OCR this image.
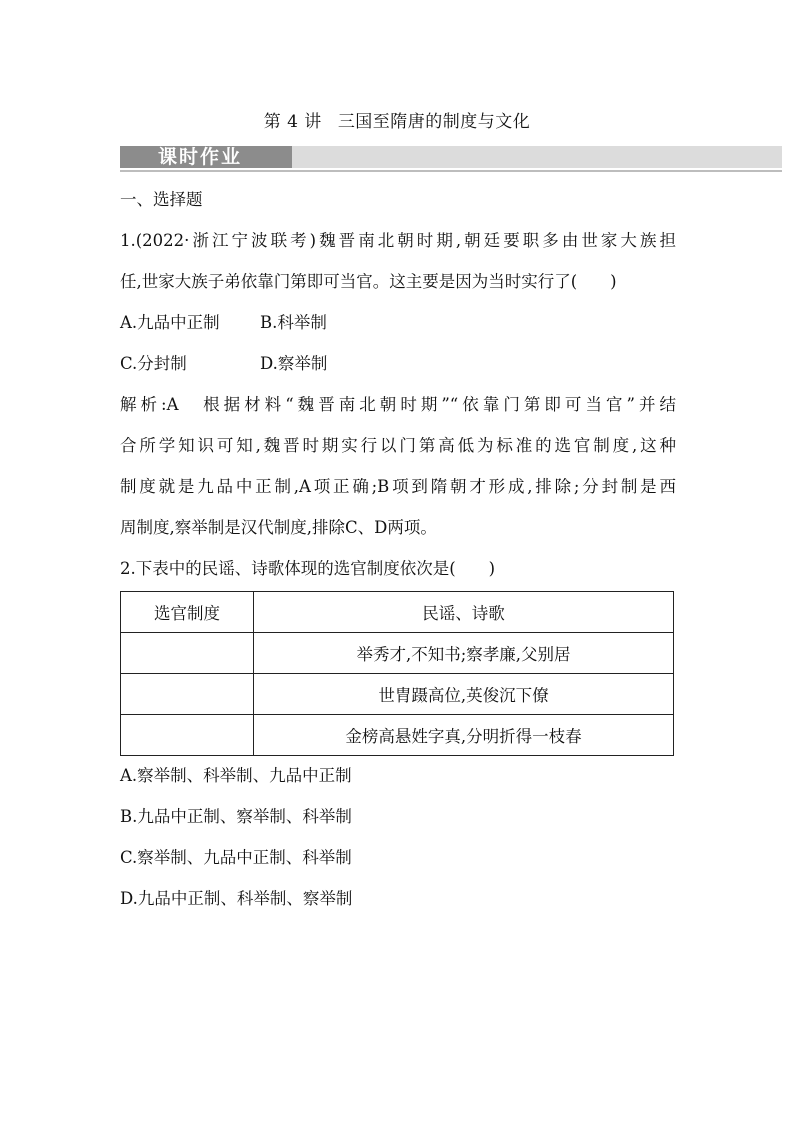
第 4 讲 三国至隋唐的制度与文化
课时作业
一、选择题
1.(2022·浙江宁波联考)魏晋南北朝时期,朝廷要职多由世家大族担
任,世家大族子弟依靠门第即可当官。这主要是因为当时实行了(　　)
A.九品中正制	B.科举制
C.分封制	D.察举制
解析:A　根据材料“魏晋南北朝时期”“依靠门第即可当官”并结
合所学知识可知,魏晋时期实行以门第高低为标准的选官制度,这种
制度就是九品中正制,A项正确;B项到隋朝才形成,排除;分封制是西
周制度,察举制是汉代制度,排除C、D两项。
2.下表中的民谣、诗歌体现的选官制度依次是(　　)
选官制度	民谣、诗歌
	举秀才,不知书;察孝廉,父别居
	世胄蹑高位,英俊沉下僚
	金榜高悬姓字真,分明折得一枝春
A.察举制、科举制、九品中正制
B.九品中正制、察举制、科举制
C.察举制、九品中正制、科举制
D.九品中正制、科举制、察举制
